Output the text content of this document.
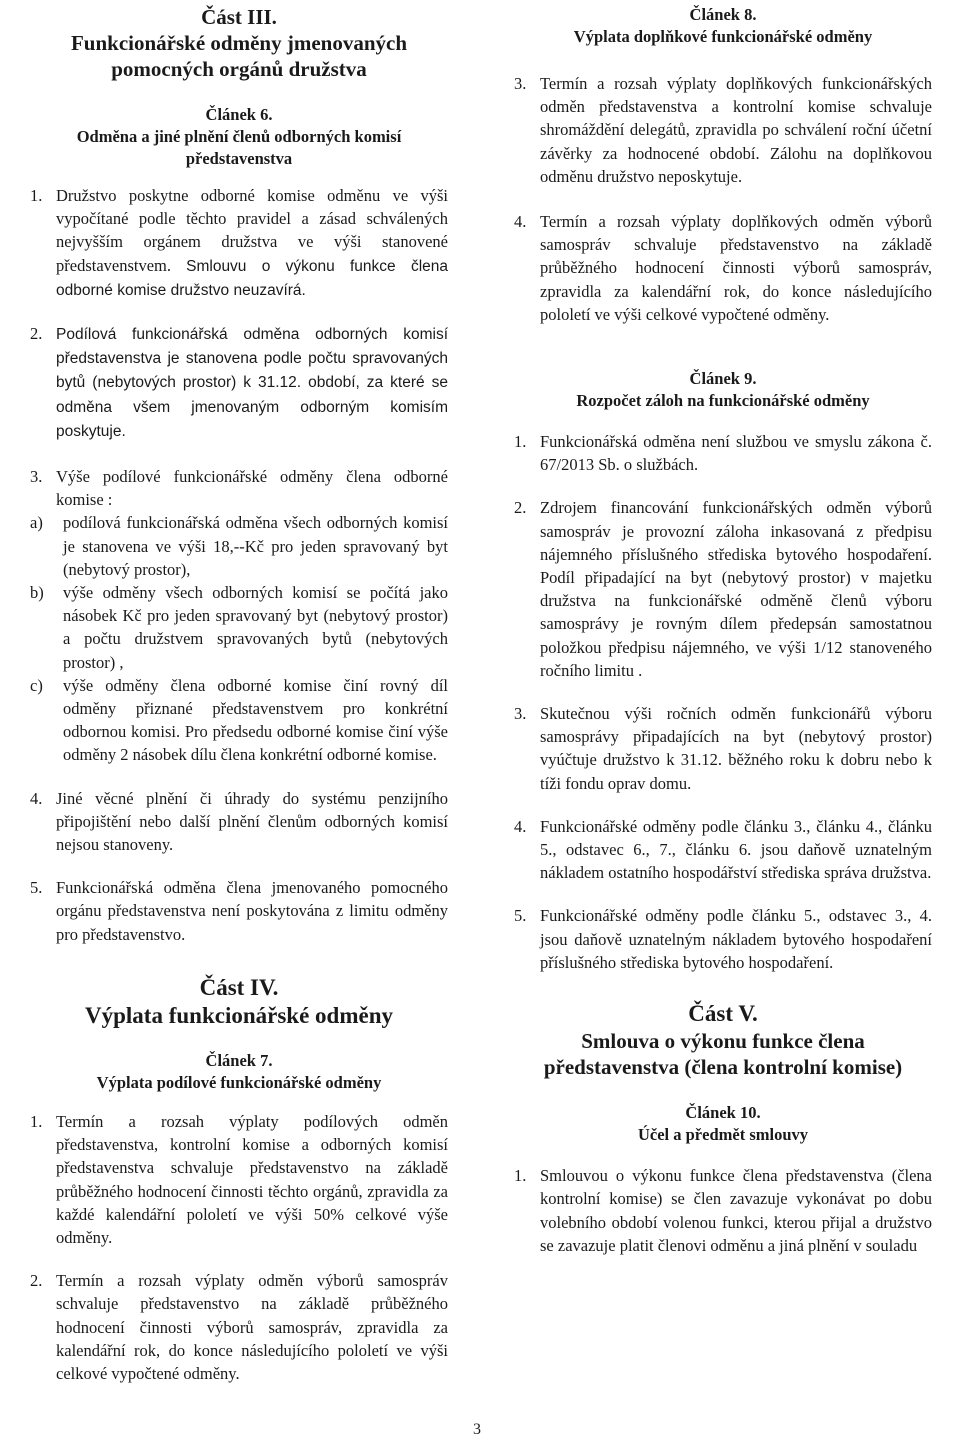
Část III.

Funkcionářské odměny jmenovaných pomocných orgánů družstva

Článek 6.

Odměna a jiné plnění členů odborných komisí představenstva

1. Družstvo poskytne odborné komise odměnu ve výši vypočítané podle těchto pravidel a zásad schválených nejvyšším orgánem družstva ve výši stanovené představenstvem. Smlouvu o výkonu funkce člena odborné komise družstvo neuzavírá.
2. Podílová funkcionářská odměna odborných komisí představenstva je stanovena podle počtu spravovaných bytů (nebytových prostor) k 31.12. období, za které se odměna všem jmenovaným odborným komisím poskytuje.
3. Výše podílové funkcionářské odměny člena odborné komise :
a) podílová funkcionářská odměna všech odborných komisí je stanovena ve výši 18,--Kč pro jeden spravovaný byt (nebytový prostor),
b) výše odměny všech odborných komisí se počítá jako násobek Kč pro jeden spravovaný byt (nebytový prostor) a počtu družstvem spravovaných bytů (nebytových prostor) ,
c) výše odměny člena odborné komise činí rovný díl odměny přiznané představenstvem pro konkrétní odbornou komisi. Pro předsedu odborné komise činí výše odměny 2 násobek dílu člena konkrétní odborné komise.
4. Jiné věcné plnění či úhrady do systému penzijního připojištění nebo další plnění členům odborných komisí nejsou stanoveny.
5. Funkcionářská odměna člena jmenovaného pomocného orgánu představenstva není poskytována z limitu odměny pro představenstvo.

Část IV.

Výplata funkcionářské odměny

Článek 7.

Výplata podílové funkcionářské odměny

1. Termín a rozsah výplaty podílových odměn představenstva, kontrolní komise a odborných komisí představenstva schvaluje představenstvo na základě průběžného hodnocení činnosti těchto orgánů, zpravidla za každé kalendářní pololetí ve výši 50% celkové výše odměny.
2. Termín a rozsah výplaty odměn výborů samospráv schvaluje představenstvo na základě průběžného hodnocení činnosti výborů samospráv, zpravidla za kalendářní rok, do konce následujícího pololetí ve výši celkové vypočtené odměny.

Článek 8.

Výplata doplňkové funkcionářské odměny

3. Termín a rozsah výplaty doplňkových funkcionářských odměn představenstva a kontrolní komise schvaluje shromáždění delegátů, zpravidla po schválení roční účetní závěrky za hodnocené období. Zálohu na doplňkovou odměnu družstvo neposkytuje.
4. Termín a rozsah výplaty doplňkových odměn výborů samospráv schvaluje představenstvo na základě průběžného hodnocení činnosti výborů samospráv, zpravidla za kalendářní rok, do konce následujícího pololetí ve výši celkové vypočtené odměny.

Článek 9.

Rozpočet záloh na funkcionářské odměny

1. Funkcionářská odměna není službou ve smyslu zákona č. 67/2013 Sb. o službách.
2. Zdrojem financování funkcionářských odměn výborů samospráv je provozní záloha inkasovaná z předpisu nájemného příslušného střediska bytového hospodaření. Podíl připadající na byt (nebytový prostor) v majetku družstva na funkcionářské odměně členů výboru samosprávy je rovným dílem předepsán samostatnou položkou předpisu nájemného, ve výši 1/12 stanoveného ročního limitu .
3. Skutečnou výši ročních odměn funkcionářů výboru samosprávy připadajících na byt (nebytový prostor) vyúčtuje družstvo k 31.12. běžného roku k dobru nebo k tíži fondu oprav domu.
4. Funkcionářské odměny podle článku 3., článku 4., článku 5., odstavec 6., 7., článku 6. jsou daňově uznatelným nákladem ostatního hospodářství střediska správa družstva.
5. Funkcionářské odměny podle článku 5., odstavec 3., 4. jsou daňově uznatelným nákladem bytového hospodaření příslušného střediska bytového hospodaření.

Část V.

Smlouva o výkonu funkce člena představenstva (člena kontrolní komise)

Článek 10.

Účel a předmět smlouvy

1. Smlouvou o výkonu funkce člena představenstva (člena kontrolní komise) se člen zavazuje vykonávat po dobu volebního období volenou funkci, kterou přijal a družstvo se zavazuje platit členovi odměnu a jiná plnění v souladu
3
